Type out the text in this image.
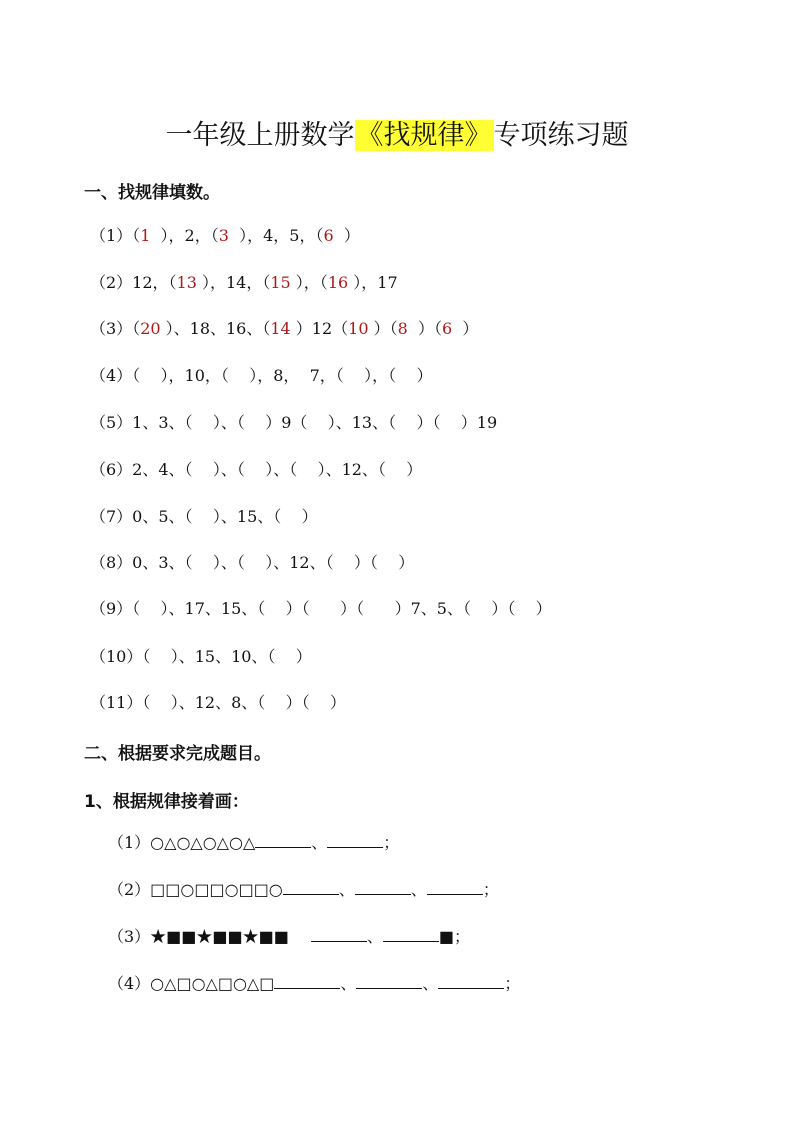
一年级上册数学《找规律》专项练习题
一、找规律填数。
（1）（1  ），2，（3  ），4，5，（6  ）
（2）12，（13 ），14，（15 ），（16 ），17
（3）（20 ）、18、16、（14 ）12（10 ）（8  ）（6  ）
（4）（    ），10，（    ），8，  7，（    ），（    ）
（5）1、3、（    ）、（    ）9（    ）、13、（    ）（    ）19
（6）2、4、（    ）、（    ）、（    ）、12、（    ）
（7）0、5、（    ）、15、（    ）
（8）0、3、（    ）、（    ）、12、（    ）（    ）
（9）（    ）、17、15、（    ）（      ）（      ）7、5、（    ）（    ）
（10）（    ）、15、10、（    ）
（11）（    ）、12、8、（    ）（    ）
二、根据要求完成题目。
1、根据规律接着画：
（1）○△○△○△○△	、	；
（2）□□○□□○□□○	、	、	；
（3）★■■★■■★■■	、	■；
（4）○△□○△□○△□	、	、	；
